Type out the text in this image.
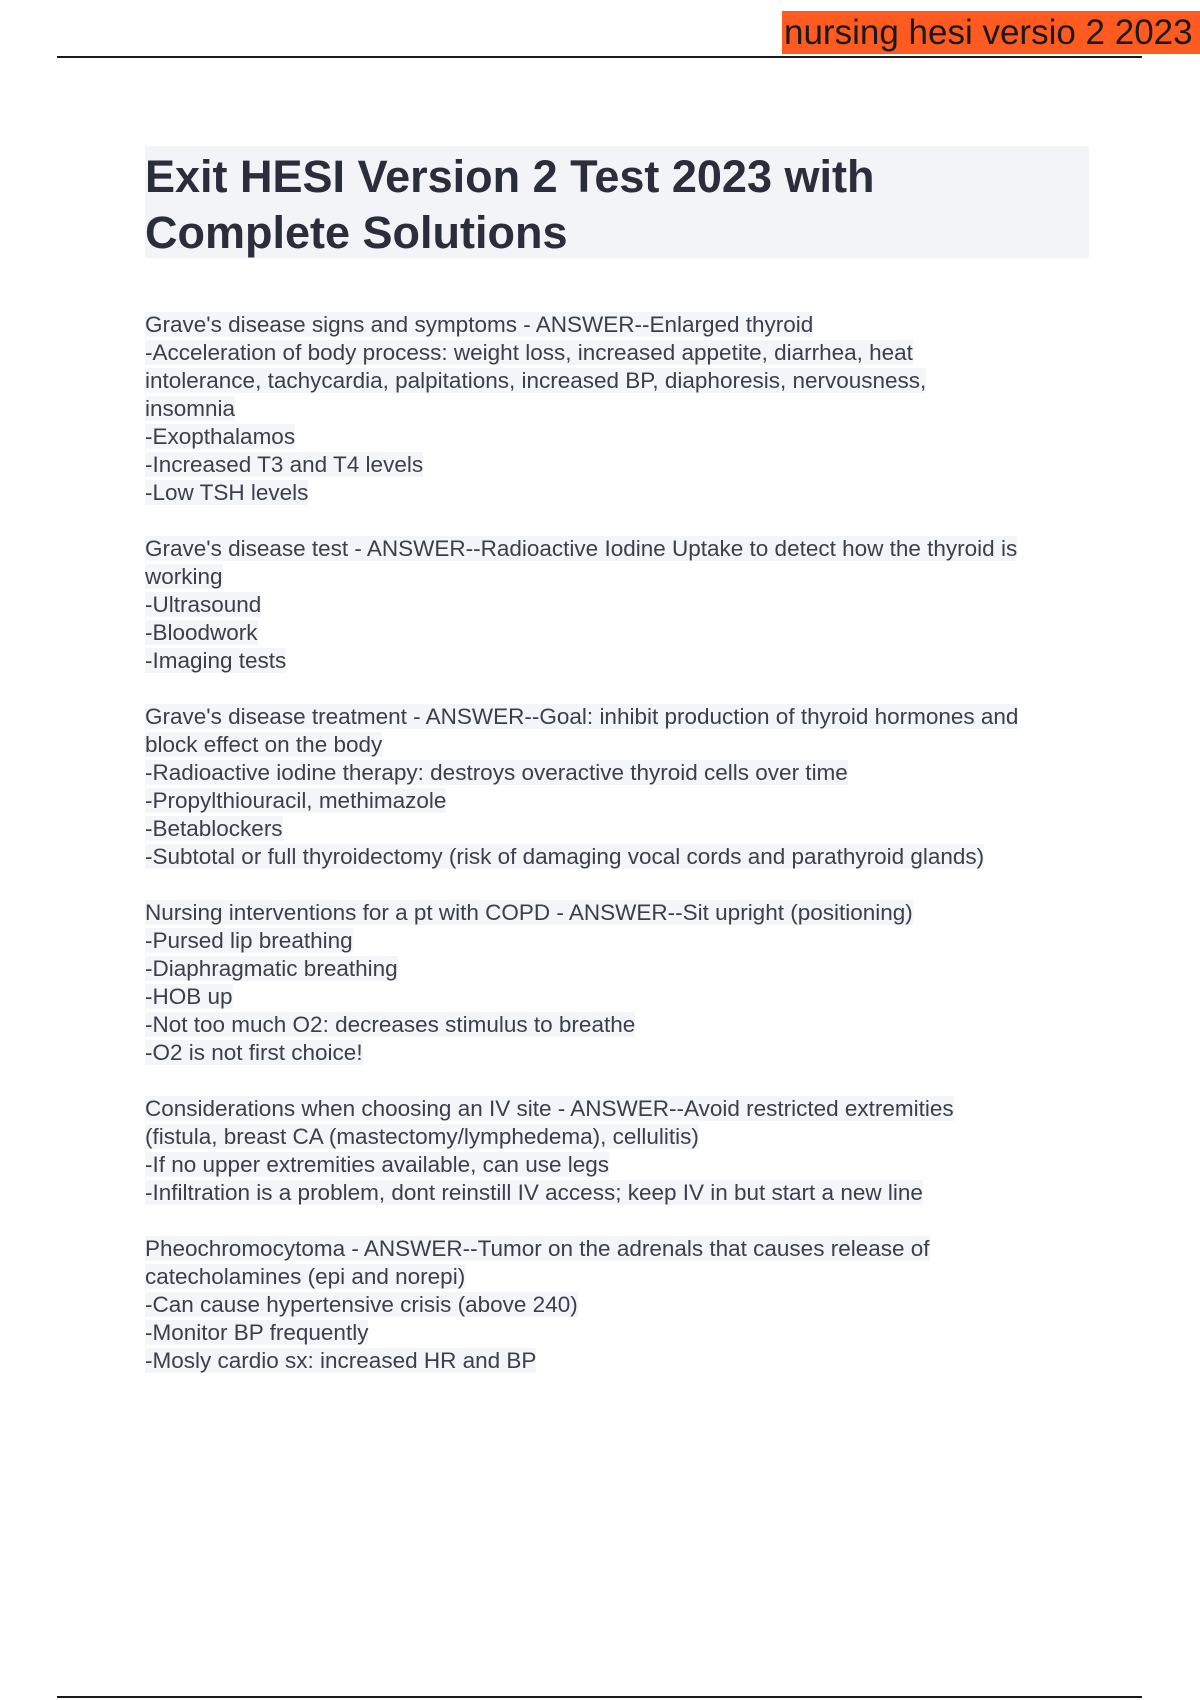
nursing hesi versio 2 2023
Exit HESI Version 2 Test 2023 with
Complete Solutions
Grave's disease signs and symptoms - ANSWER--Enlarged thyroid
-Acceleration of body process: weight loss, increased appetite, diarrhea, heat
intolerance, tachycardia, palpitations, increased BP, diaphoresis, nervousness,
insomnia
-Exopthalamos
-Increased T3 and T4 levels
-Low TSH levels
Grave's disease test - ANSWER--Radioactive Iodine Uptake to detect how the thyroid is
working
-Ultrasound
-Bloodwork
-Imaging tests
Grave's disease treatment - ANSWER--Goal: inhibit production of thyroid hormones and
block effect on the body
-Radioactive iodine therapy: destroys overactive thyroid cells over time
-Propylthiouracil, methimazole
-Betablockers
-Subtotal or full thyroidectomy (risk of damaging vocal cords and parathyroid glands)
Nursing interventions for a pt with COPD - ANSWER--Sit upright (positioning)
-Pursed lip breathing
-Diaphragmatic breathing
-HOB up
-Not too much O2: decreases stimulus to breathe
-O2 is not first choice!
Considerations when choosing an IV site - ANSWER--Avoid restricted extremities
(fistula, breast CA (mastectomy/lymphedema), cellulitis)
-If no upper extremities available, can use legs
-Infiltration is a problem, dont reinstill IV access; keep IV in but start a new line
Pheochromocytoma - ANSWER--Tumor on the adrenals that causes release of
catecholamines (epi and norepi)
-Can cause hypertensive crisis (above 240)
-Monitor BP frequently
-Mosly cardio sx: increased HR and BP
